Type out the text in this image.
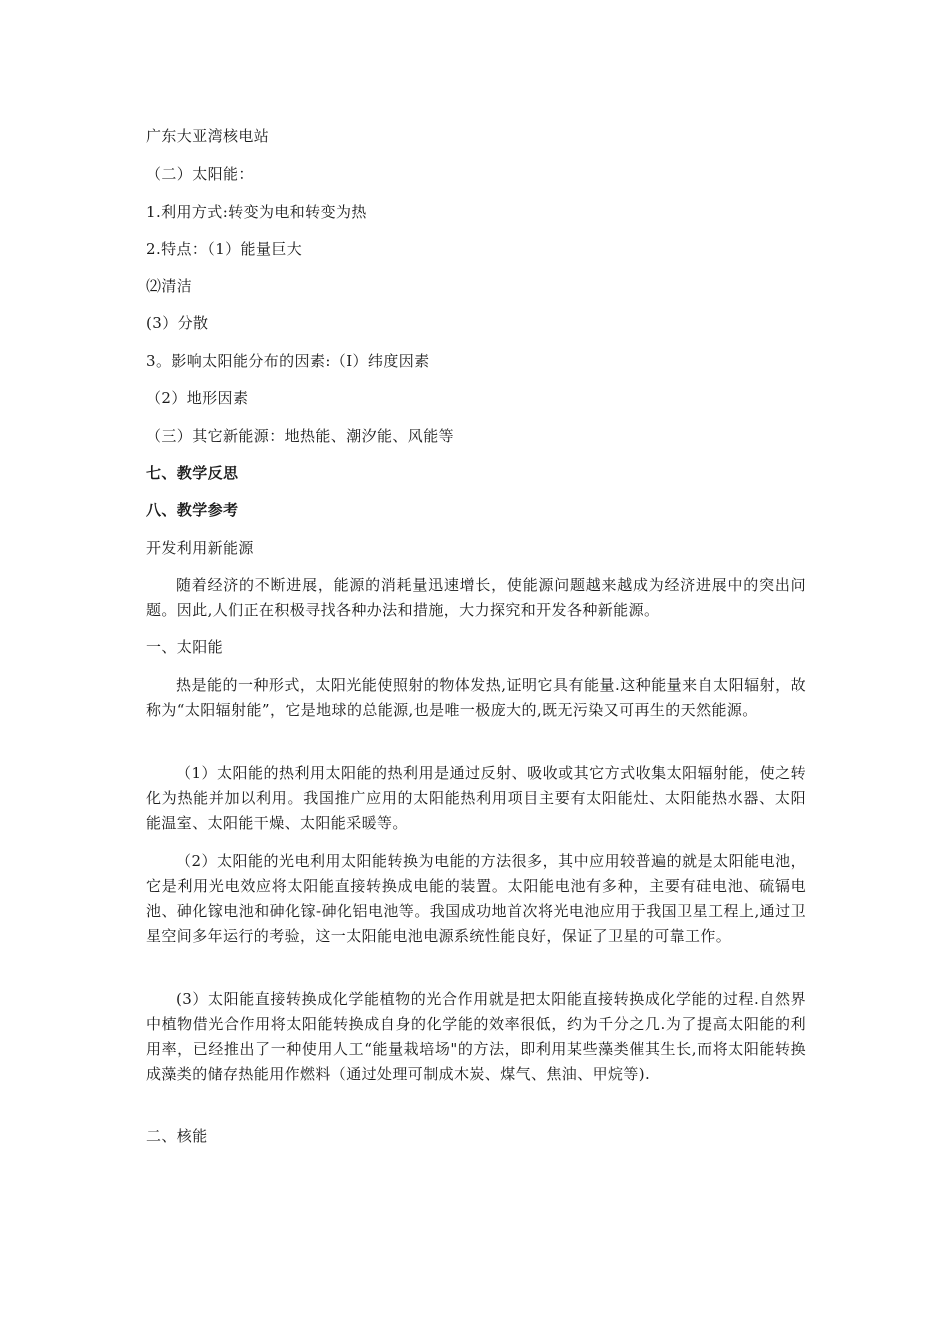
广东大亚湾核电站
（二）太阳能：
1.利用方式:转变为电和转变为热
2.特点：（1）能量巨大
⑵清洁
(3）分散
3。影响太阳能分布的因素:（I）纬度因素
（2）地形因素
（三）其它新能源：地热能、潮汐能、风能等
七、教学反思
八、教学参考
开发利用新能源
随着经济的不断进展，能源的消耗量迅速增长，使能源问题越来越成为经济进展中的突出问题。因此,人们正在积极寻找各种办法和措施，大力探究和开发各种新能源。
一、太阳能
热是能的一种形式，太阳光能使照射的物体发热,证明它具有能量.这种能量来自太阳辐射，故称为“太阳辐射能”，它是地球的总能源,也是唯一极庞大的,既无污染又可再生的天然能源。
（1）太阳能的热利用太阳能的热利用是通过反射、吸收或其它方式收集太阳辐射能，使之转化为热能并加以利用。我国推广应用的太阳能热利用项目主要有太阳能灶、太阳能热水器、太阳能温室、太阳能干燥、太阳能采暖等。
（2）太阳能的光电利用太阳能转换为电能的方法很多，其中应用较普遍的就是太阳能电池，它是利用光电效应将太阳能直接转换成电能的装置。太阳能电池有多种，主要有硅电池、硫镉电池、砷化镓电池和砷化镓-砷化铝电池等。我国成功地首次将光电池应用于我国卫星工程上,通过卫星空间多年运行的考验，这一太阳能电池电源系统性能良好，保证了卫星的可靠工作。
(3）太阳能直接转换成化学能植物的光合作用就是把太阳能直接转换成化学能的过程.自然界中植物借光合作用将太阳能转换成自身的化学能的效率很低，约为千分之几.为了提高太阳能的利用率，已经推出了一种使用人工“能量栽培场"的方法，即利用某些藻类催其生长,而将太阳能转换成藻类的储存热能用作燃料（通过处理可制成木炭、煤气、焦油、甲烷等).
二、核能
